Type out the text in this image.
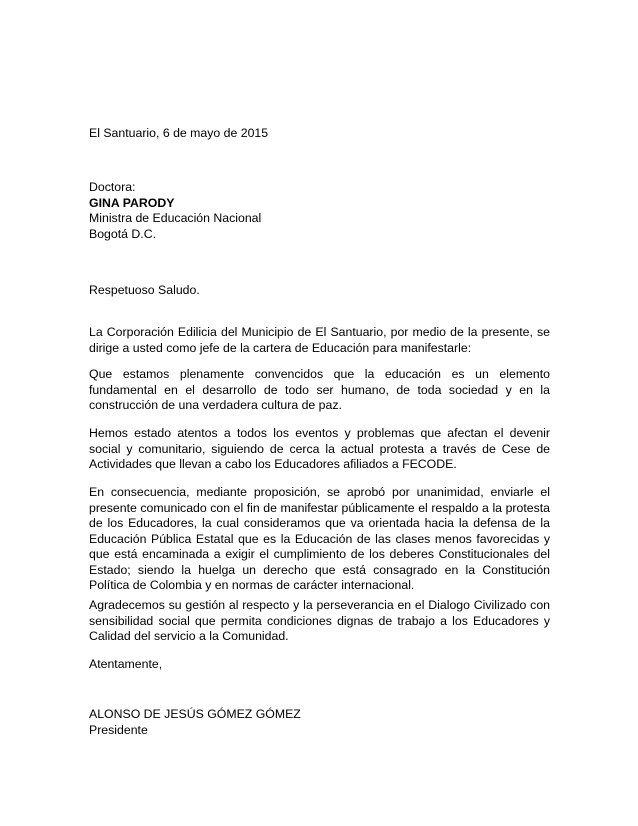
El Santuario, 6 de mayo de 2015
Doctora:
GINA PARODY
Ministra de Educación Nacional
Bogotá D.C.
Respetuoso Saludo.
La Corporación Edilicia del Municipio de El Santuario, por medio de la presente, se dirige a usted como jefe de la cartera de Educación para manifestarle:
Que estamos plenamente convencidos que la educación es un elemento fundamental en el desarrollo de todo ser humano, de toda sociedad y en la construcción de una verdadera cultura de paz.
Hemos estado atentos a todos los eventos y problemas que afectan el devenir social y comunitario, siguiendo de cerca la actual protesta a través de Cese de Actividades que llevan a cabo los Educadores afiliados a FECODE.
En consecuencia, mediante proposición, se aprobó por unanimidad, enviarle el presente comunicado con el fin de manifestar públicamente el respaldo a la protesta de los Educadores, la cual consideramos que va orientada hacia la defensa de la Educación Pública Estatal que es la Educación de las clases menos favorecidas y que está encaminada a exigir el cumplimiento de los deberes Constitucionales del Estado; siendo la huelga un derecho que está consagrado en la Constitución Política de Colombia y en normas de carácter internacional.
Agradecemos su gestión al respecto y la perseverancia en el Dialogo Civilizado con sensibilidad social que permita condiciones dignas de trabajo a los Educadores y Calidad del servicio a la Comunidad.
Atentamente,
ALONSO DE JESÚS GÓMEZ GÓMEZ
Presidente
